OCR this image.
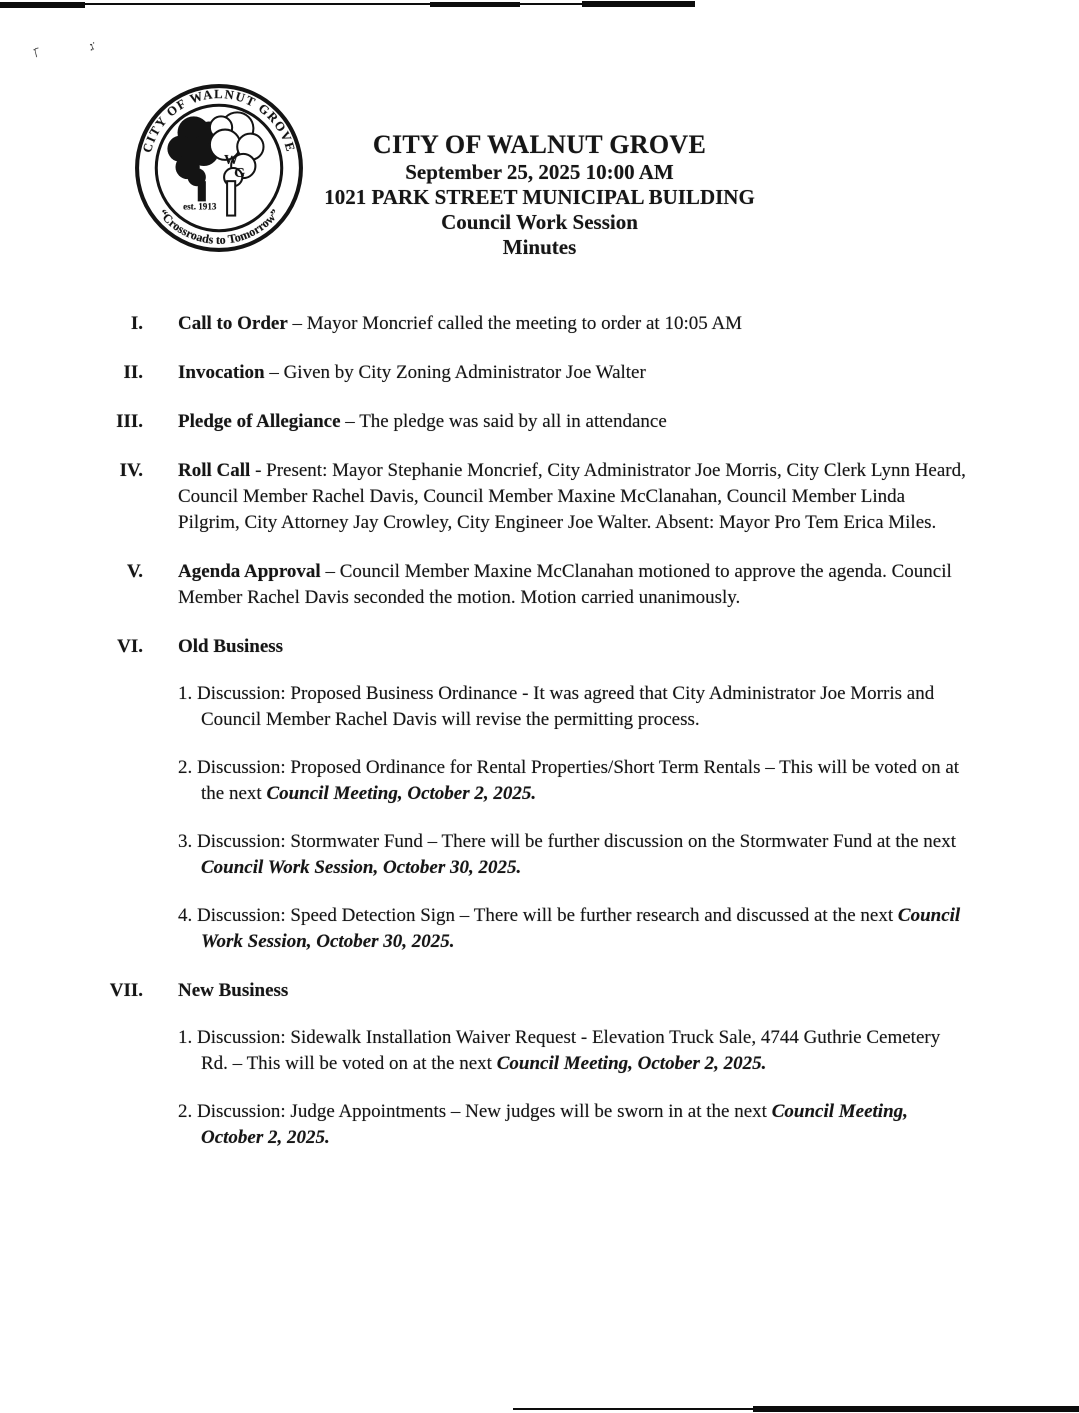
ןˉ	ג˙
CITY OF WALNUT GROVE
“Crossroads to Tomorrow”
W
G
est. 1913
CITY OF WALNUT GROVE
September 25, 2025 10:00 AM
1021 PARK STREET MUNICIPAL BUILDING
Council Work Session
Minutes
I. Call to Order – Mayor Moncrief called the meeting to order at 10:05 AM
II. Invocation – Given by City Zoning Administrator Joe Walter
III. Pledge of Allegiance – The pledge was said by all in attendance
IV. Roll Call - Present: Mayor Stephanie Moncrief, City Administrator Joe Morris, City Clerk Lynn Heard, Council Member Rachel Davis, Council Member Maxine McClanahan, Council Member Linda Pilgrim, City Attorney Jay Crowley, City Engineer Joe Walter. Absent: Mayor Pro Tem Erica Miles.
V. Agenda Approval – Council Member Maxine McClanahan motioned to approve the agenda. Council Member Rachel Davis seconded the motion. Motion carried unanimously.
VI. Old Business
1. Discussion: Proposed Business Ordinance - It was agreed that City Administrator Joe Morris and Council Member Rachel Davis will revise the permitting process.
2. Discussion: Proposed Ordinance for Rental Properties/Short Term Rentals – This will be voted on at the next Council Meeting, October 2, 2025.
3. Discussion: Stormwater Fund – There will be further discussion on the Stormwater Fund at the next Council Work Session, October 30, 2025.
4. Discussion: Speed Detection Sign – There will be further research and discussed at the next Council Work Session, October 30, 2025.
VII. New Business
1. Discussion: Sidewalk Installation Waiver Request - Elevation Truck Sale, 4744 Guthrie Cemetery Rd. – This will be voted on at the next Council Meeting, October 2, 2025.
2. Discussion: Judge Appointments – New judges will be sworn in at the next Council Meeting, October 2, 2025.
